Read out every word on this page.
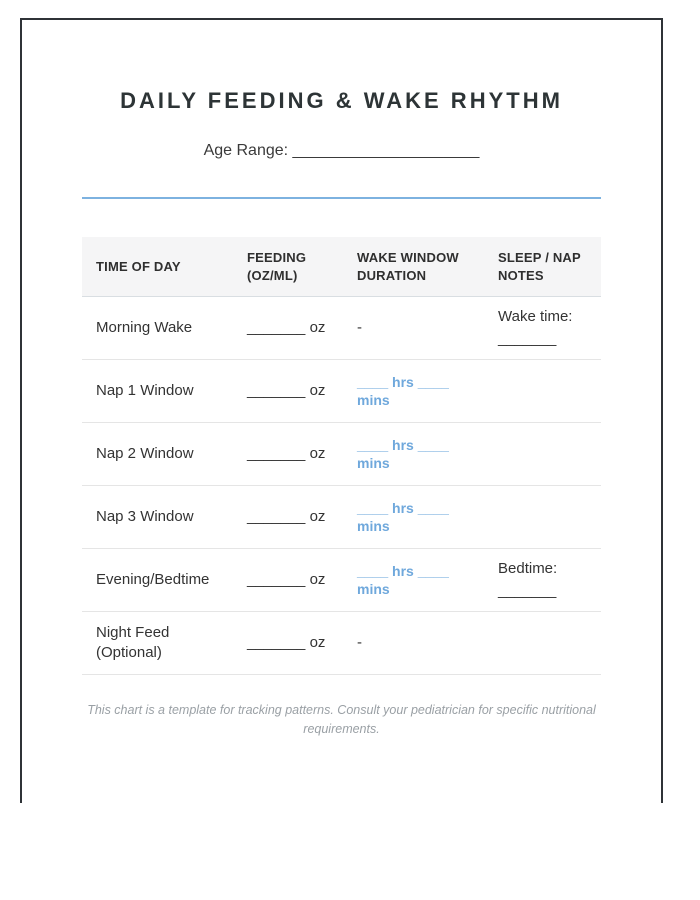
DAILY FEEDING & WAKE RHYTHM
Age Range: _____________________
TIME OF DAY	FEEDING (OZ/ML)	WAKE WINDOW DURATION	SLEEP / NAP NOTES
Morning Wake	_______ oz	-	Wake time:
_______
Nap 1 Window	_______ oz	____ hrs ____ mins	

Nap 2 Window	_______ oz	____ hrs ____ mins	

Nap 3 Window	_______ oz	____ hrs ____ mins	

Evening/Bedtime	_______ oz	____ hrs ____ mins	Bedtime:
_______
Night Feed (Optional)	_______ oz	-	

This chart is a template for tracking patterns. Consult your pediatrician for specific nutritional requirements.
